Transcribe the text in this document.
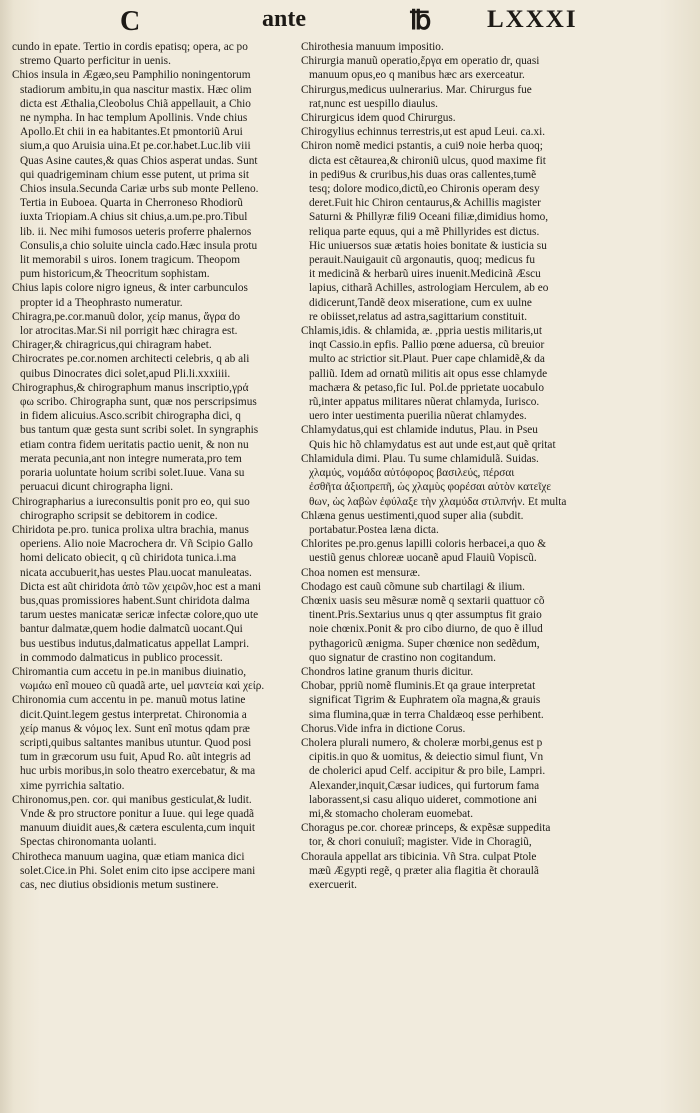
C	ante	℔ LXXXI
cundo in epate. Tertio in cordis epatisq; opera, ac po
stremo Quarto perficitur in uenis.
Chios insula in Ægæo,seu Pamphilio noningentorum
stadiorum ambitu,in qua nascitur mastix. Hæc olim
dicta est Æthalia,Cleobolus Chiã appellauit, a Chio
ne nympha. In hac templum Apollinis. Vnde chius
Apollo.Et chii in ea habitantes.Et pmontoriũ Arui
sium,a quo Aruisia uina.Et pe.cor.habet.Luc.lib viii
Quas Asine cautes,& quas Chios asperat undas. Sunt
qui quadrigeminam chium esse putent, ut prima sit
Chios insula.Secunda Cariæ urbs sub monte Pelleno.
Tertia in Euboea. Quarta in Cherroneso Rhodiorũ
iuxta Triopiam.A chius sit chius,a.um.pe.pro.Tibul
lib. ii. Nec mihi fumosos ueteris proferre phalernos
Consulis,a chio soluite uincla cado.Hæc insula protu
lit memorabil s uiros. Ionem tragicum. Theopom
pum historicum,& Theocritum sophistam.
Chius lapis colore nigro igneus, & inter carbunculos
propter id a Theophrasto numeratur.
Chiragra,pe.cor.manuũ dolor, χείρ manus, ἄγρα do
lor atrocitas.Mar.Si nil porrigit hæc chiragra est.
Chirager,& chiragricus,qui chiragram habet.
Chirocrates pe.cor.nomen architecti celebris, q ab ali
quibus Dinocrates dici solet,apud Pli.li.xxxiiii.
Chirographus,& chirographum manus inscriptio,γρά
φω scribo. Chirographa sunt, quæ nos perscripsimus
in fidem alicuius.Asco.scribit chirographa dici, q
bus tantum quæ gesta sunt scribi solet. In syngraphis
etiam contra fidem ueritatis pactio uenit, & non nu
merata pecunia,ant non integre numerata,pro tem
poraria uoluntate hoium scribi solet.Iuue. Vana su
peruacui dicunt chirographa ligni.
Chirographarius a iureconsultis ponit pro eo, qui suo
chirographo scripsit se debitorem in codice.
Chiridota pe.pro. tunica prolixa ultra brachia, manus
operiens. Alio noie Macrochera dr. Vñ Scipio Gallo
homi delicato obiecit, q cũ chiridota tunica.i.ma
nicata accubuerit,has uestes Plau.uocat manuleatas.
Dicta est aũt chiridota ἀπὸ τῶν χειρῶν,hoc est a mani
bus,quas promissiores habent.Sunt chiridota dalma
tarum uestes manicatæ sericæ infectæ colore,quo ute
bantur dalmatæ,quem hodie dalmatcũ uocant.Qui
bus uestibus indutus,dalmaticatus appellat Lampri.
in commodo dalmaticus in publico processit.
Chiromantia cum accetu in pe.in manibus diuinatio,
νωμάω enĩ moueo cũ quadã arte, uel μαντεία καὶ χείρ.
Chironomia cum accentu in pe. manuũ motus latine
dicit.Quint.legem gestus interpretat. Chironomia a
χείρ manus & νόμος lex. Sunt enĩ motus qdam præ
scripti,quibus saltantes manibus utuntur. Quod posi
tum in græcorum usu fuit, Apud Ro. aũt integris ad
huc urbis moribus,in solo theatro exercebatur, & ma
xime pyrrichia saltatio.
Chironomus,pen. cor. qui manibus gesticulat,& ludit.
Vnde & pro structore ponitur a Iuue. qui lege quadã
manuum diuidit aues,& cætera esculenta,cum inquit
Spectas chironomanta uolanti.
Chirotheca manuum uagina, quæ etiam manica dici
solet.Cice.in Phi. Solet enim cito ipse accipere mani
cas, nec diutius obsidionis metum sustinere.
Chirothesia manuum impositio.
Chirurgia manuũ operatio,ἔργα em operatio dr, quasi
manuum opus,eo q manibus hæc ars exerceatur.
Chirurgus,medicus uulnerarius. Mar. Chirurgus fue
rat,nunc est uespillo diaulus.
Chirurgicus idem quod Chirurgus.
Chirogylius echinnus terrestris,ut est apud Leui. ca.xi.
Chiron nomẽ medici pstantis, a cui9 noie herba quoq;
dicta est cẽtaurea,& chironiũ ulcus, quod maxime fit
in pedi9us & cruribus,his duas oras callentes,tumẽ
tesq; dolore modico,dictũ,eo Chironis operam desy
deret.Fuit hic Chiron centaurus,& Achillis magister
Saturni & Phillyræ fili9 Oceani filiæ,dimidius homo,
reliqua parte equus, qui a mẽ Phillyrides est dictus.
Hic uniuersos suæ ætatis hoies bonitate & iusticia su
perauit.Nauigauit cũ argonautis, quoq; medicus fu
it medicinã & herbarũ uires inuenit.Medicinã Æscu
lapius, citharã Achilles, astrologiam Herculem, ab eo
didicerunt,Tandẽ deox miseratione, cum ex uulne
re obiisset,relatus ad astra,sagittarium constituit.
Chlamis,idis. & chlamida, æ. ,ppria uestis militaris,ut
inqt Cassio.in epfis. Pallio pœne aduersa, cũ breuior
multo ac strictior sit.Plaut. Puer cape chlamidẽ,& da
palliũ. Idem ad ornatũ militis ait opus esse chlamyde
machæra & petaso,fic Iul. Pol.de pprietate uocabulo
rũ,inter appatus militares nũerat chlamyda, Iurisco.
uero inter uestimenta puerilia nũerat chlamydes.
Chlamydatus,qui est chlamide indutus, Plau. in Pseu
Quis hic hõ chlamydatus est aut unde est,aut quẽ qritat
Chlamidula dimi. Plau. Tu sume chlamidulã. Suidas.
χλαμύς, νομάδα αὐτόφορος βασιλεύς, πέρσαι
ἐσθῆτα ἀξιοπρεπῆ, ὡς χλαμὺς φορέσαι αὐτὸν κατεῖχε
θων, ὡς λαβὼν ἐφύλαξε τὴν χλαμύδα στιλπνήν. Et multa
Chlæna genus uestimenti,quod super alia (subdit.
portabatur.Postea læna dicta.
Chlorites pe.pro.genus lapilli coloris herbacei,a quo &
uestiũ genus chloreæ uocanẽ apud Flauiũ Vopiscũ.
Choa nomen est mensuræ.
Chodago est cauũ cõmune sub chartilagi & ilium.
Chœnix uasis seu mẽsuræ nomẽ q sextarii quattuor cõ
tinent.Pris.Sextarius unus q qter assumptus fit graio
noie chœnix.Ponit & pro cibo diurno, de quo ẽ illud
pythagoricũ ænigma. Super chœnice non sedẽdum,
quo signatur de crastino non cogitandum.
Chondros latine granum thuris dicitur.
Chobar, ppriũ nomẽ fluminis.Et qa graue interpretat
significat Tigrim & Euphratem oĩa magna,& grauis
sima flumina,quæ in terra Chaldæoq esse perhibent.
Chorus.Vide infra in dictione Corus.
Cholera plurali numero, & choleræ morbi,genus est p
cipitis.in quo & uomitus, & deiectio simul fiunt, Vn
de cholerici apud Celf. accipitur & pro bile, Lampri.
Alexander,inquit,Cæsar iudices, qui furtorum fama
laborassent,si casu aliquo uideret, commotione ani
mi,& stomacho choleram euomebat.
Choragus pe.cor. choreæ princeps, & expẽsæ suppedita
tor, & chori conuiuiĩ; magister. Vide in Choragiũ,
Choraula appellat ars tibicinia. Vñ Stra. culpat Ptole
mæũ Ægypti regẽ, q præter alia flagitia ẽt choraulã
exercuerit.
